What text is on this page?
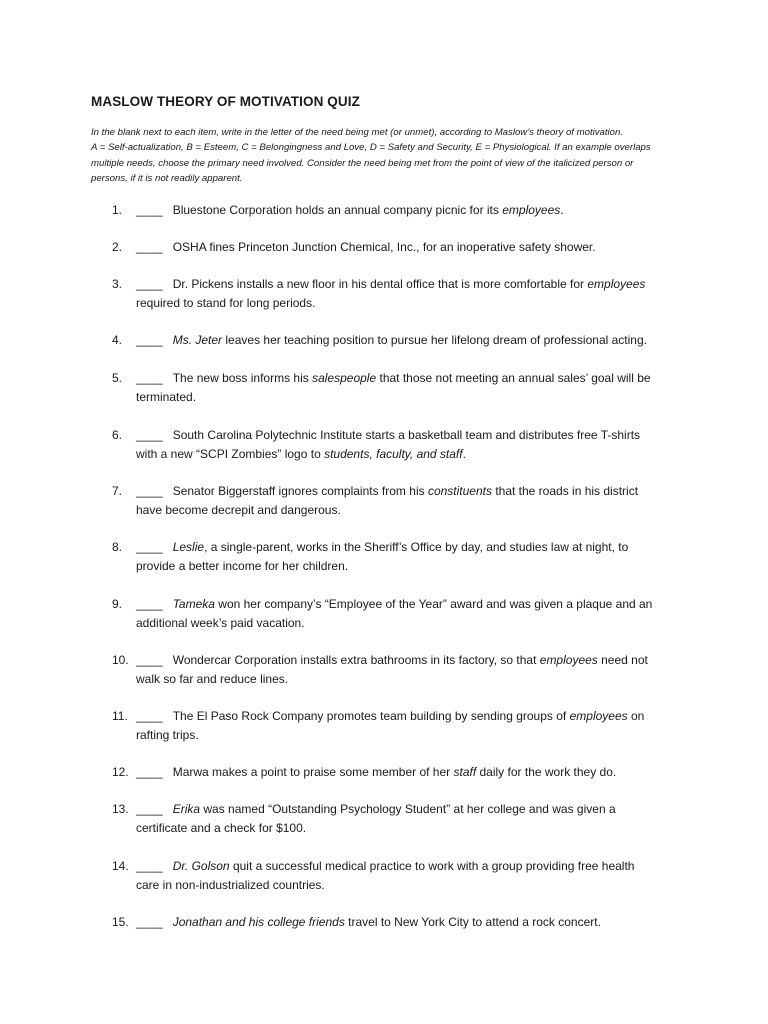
MASLOW THEORY OF MOTIVATION QUIZ
In the blank next to each item, write in the letter of the need being met (or unmet), according to Maslow’s theory of motivation.
A = Self-actualization, B = Esteem, C = Belongingness and Love, D = Safety and Security, E = Physiological. If an example overlaps
multiple needs, choose the primary need involved. Consider the need being met from the point of view of the italicized person or
persons, if it is not readily apparent.
1.	____ Bluestone Corporation holds an annual company picnic for its employees.
2.	____ OSHA fines Princeton Junction Chemical, Inc., for an inoperative safety shower.
3.	____ Dr. Pickens installs a new floor in his dental office that is more comfortable for employees
required to stand for long periods.
4.	____ Ms. Jeter leaves her teaching position to pursue her lifelong dream of professional acting.
5.	____ The new boss informs his salespeople that those not meeting an annual sales’ goal will be
terminated.
6.	____ South Carolina Polytechnic Institute starts a basketball team and distributes free T-shirts
with a new “SCPI Zombies” logo to students, faculty, and staff.
7.	____ Senator Biggerstaff ignores complaints from his constituents that the roads in his district
have become decrepit and dangerous.
8.	____ Leslie, a single-parent, works in the Sheriff’s Office by day, and studies law at night, to
provide a better income for her children.
9.	____ Tameka won her company’s “Employee of the Year” award and was given a plaque and an
additional week’s paid vacation.
10. ____ Wondercar Corporation installs extra bathrooms in its factory, so that employees need not
walk so far and reduce lines.
11. ____ The El Paso Rock Company promotes team building by sending groups of employees on
rafting trips.
12. ____ Marwa makes a point to praise some member of her staff daily for the work they do.
13. ____ Erika was named “Outstanding Psychology Student” at her college and was given a
certificate and a check for $100.
14. ____ Dr. Golson quit a successful medical practice to work with a group providing free health
care in non-industrialized countries.
15. ____ Jonathan and his college friends travel to New York City to attend a rock concert.
